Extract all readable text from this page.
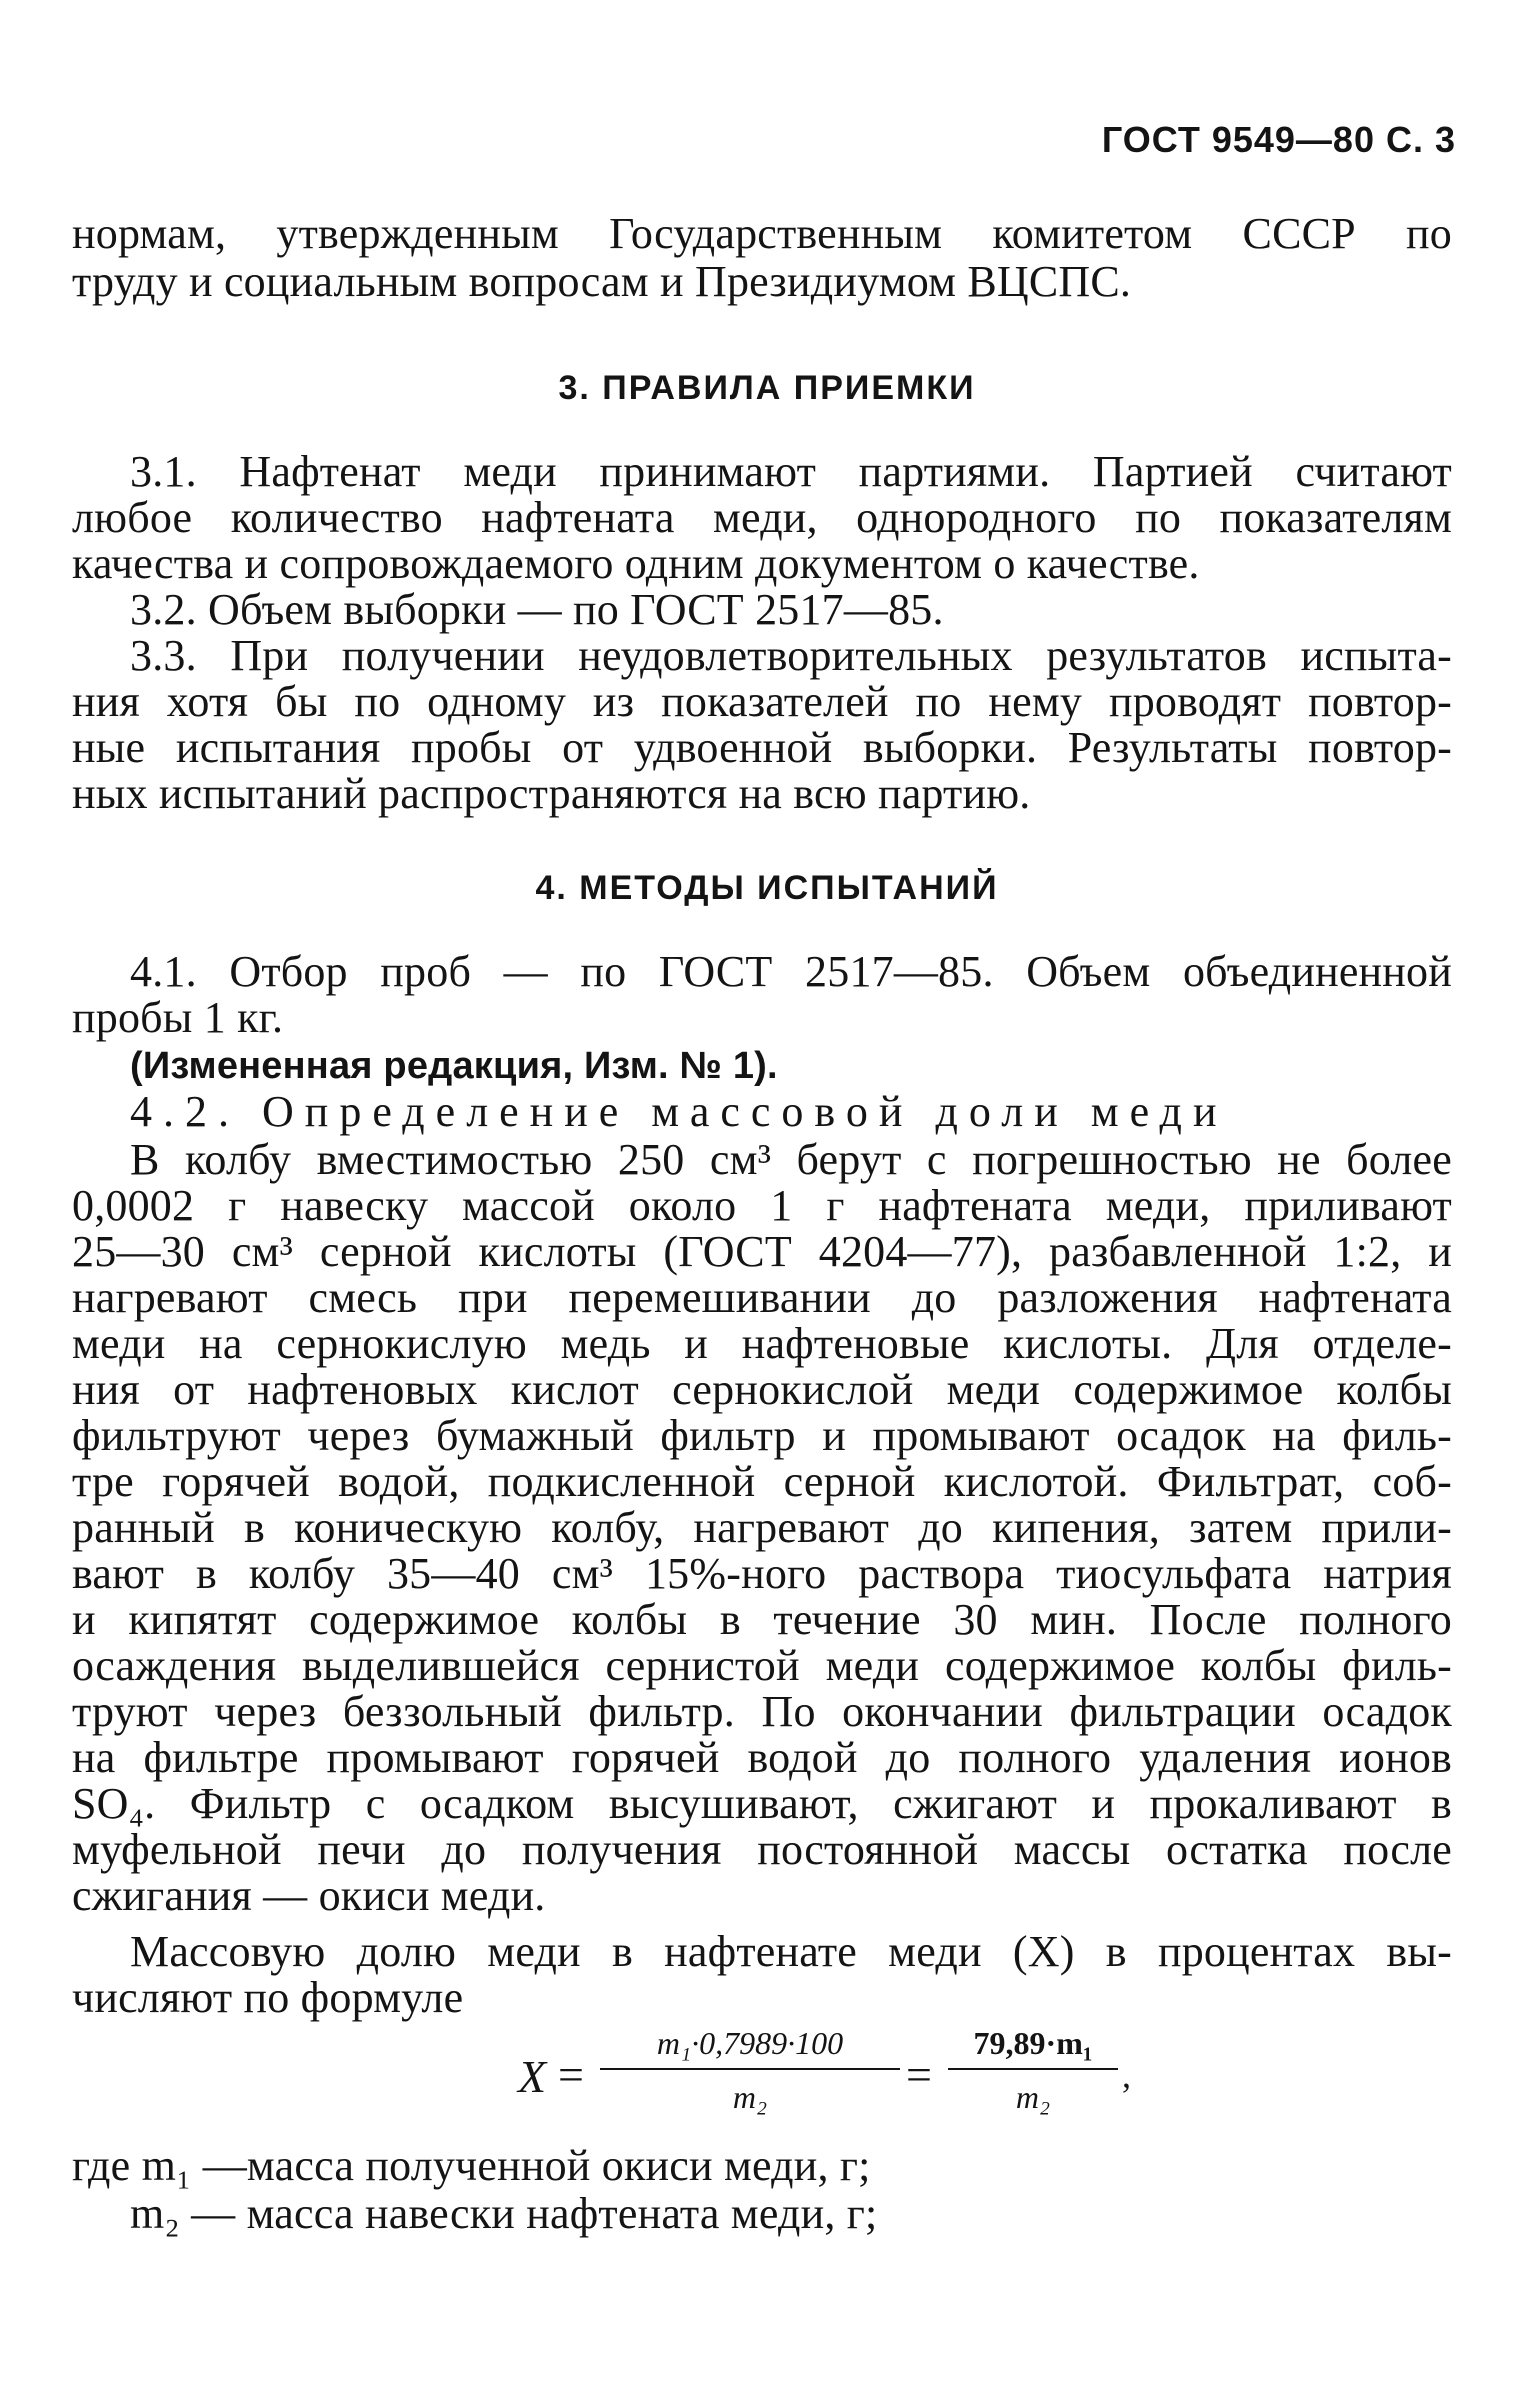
ГОСТ 9549—80 С. 3
нормам, утвержденным Государственным комитетом СССР по
труду и социальным вопросам и Президиумом ВЦСПС.
3. ПРАВИЛА ПРИЕМКИ
3.1. Нафтенат меди принимают партиями. Партией считают
любое количество нафтената меди, однородного по показателям
качества и сопровождаемого одним документом о качестве.
3.2. Объем выборки — по ГОСТ 2517—85.
3.3. При получении неудовлетворительных результатов испыта-
ния хотя бы по одному из показателей по нему проводят повтор-
ные испытания пробы от удвоенной выборки. Результаты повтор-
ных испытаний распространяются на всю партию.
4. МЕТОДЫ ИСПЫТАНИЙ
4.1. Отбор проб — по ГОСТ 2517—85. Объем объединенной
пробы 1 кг.
(Измененная редакция, Изм. № 1).
4.2. Определение массовой доли меди
В колбу вместимостью 250 см³ берут с погрешностью не более
0,0002 г навеску массой около 1 г нафтената меди, приливают
25—30 см³ серной кислоты (ГОСТ 4204—77), разбавленной 1:2, и
нагревают смесь при перемешивании до разложения нафтената
меди на сернокислую медь и нафтеновые кислоты. Для отделе-
ния от нафтеновых кислот сернокислой меди содержимое колбы
фильтруют через бумажный фильтр и промывают осадок на филь-
тре горячей водой, подкисленной серной кислотой. Фильтрат, соб-
ранный в коническую колбу, нагревают до кипения, затем прили-
вают в колбу 35—40 см³ 15%-ного раствора тиосульфата натрия
и кипятят содержимое колбы в течение 30 мин. После полного
осаждения выделившейся сернистой меди содержимое колбы филь-
труют через беззольный фильтр. По окончании фильтрации осадок
на фильтре промывают горячей водой до полного удаления ионов
SO₄. Фильтр с осадком высушивают, сжигают и прокаливают в
муфельной печи до получения постоянной массы остатка после
сжигания — окиси меди.
Массовую долю меди в нафтенате меди (X) в процентах вы-
числяют по формуле
X =
m₁·0,7989·100
m₂	=
79,89·m₁
m₂
,
где m₁ —масса полученной окиси меди, г;
m₂ — масса навески нафтената меди, г;
